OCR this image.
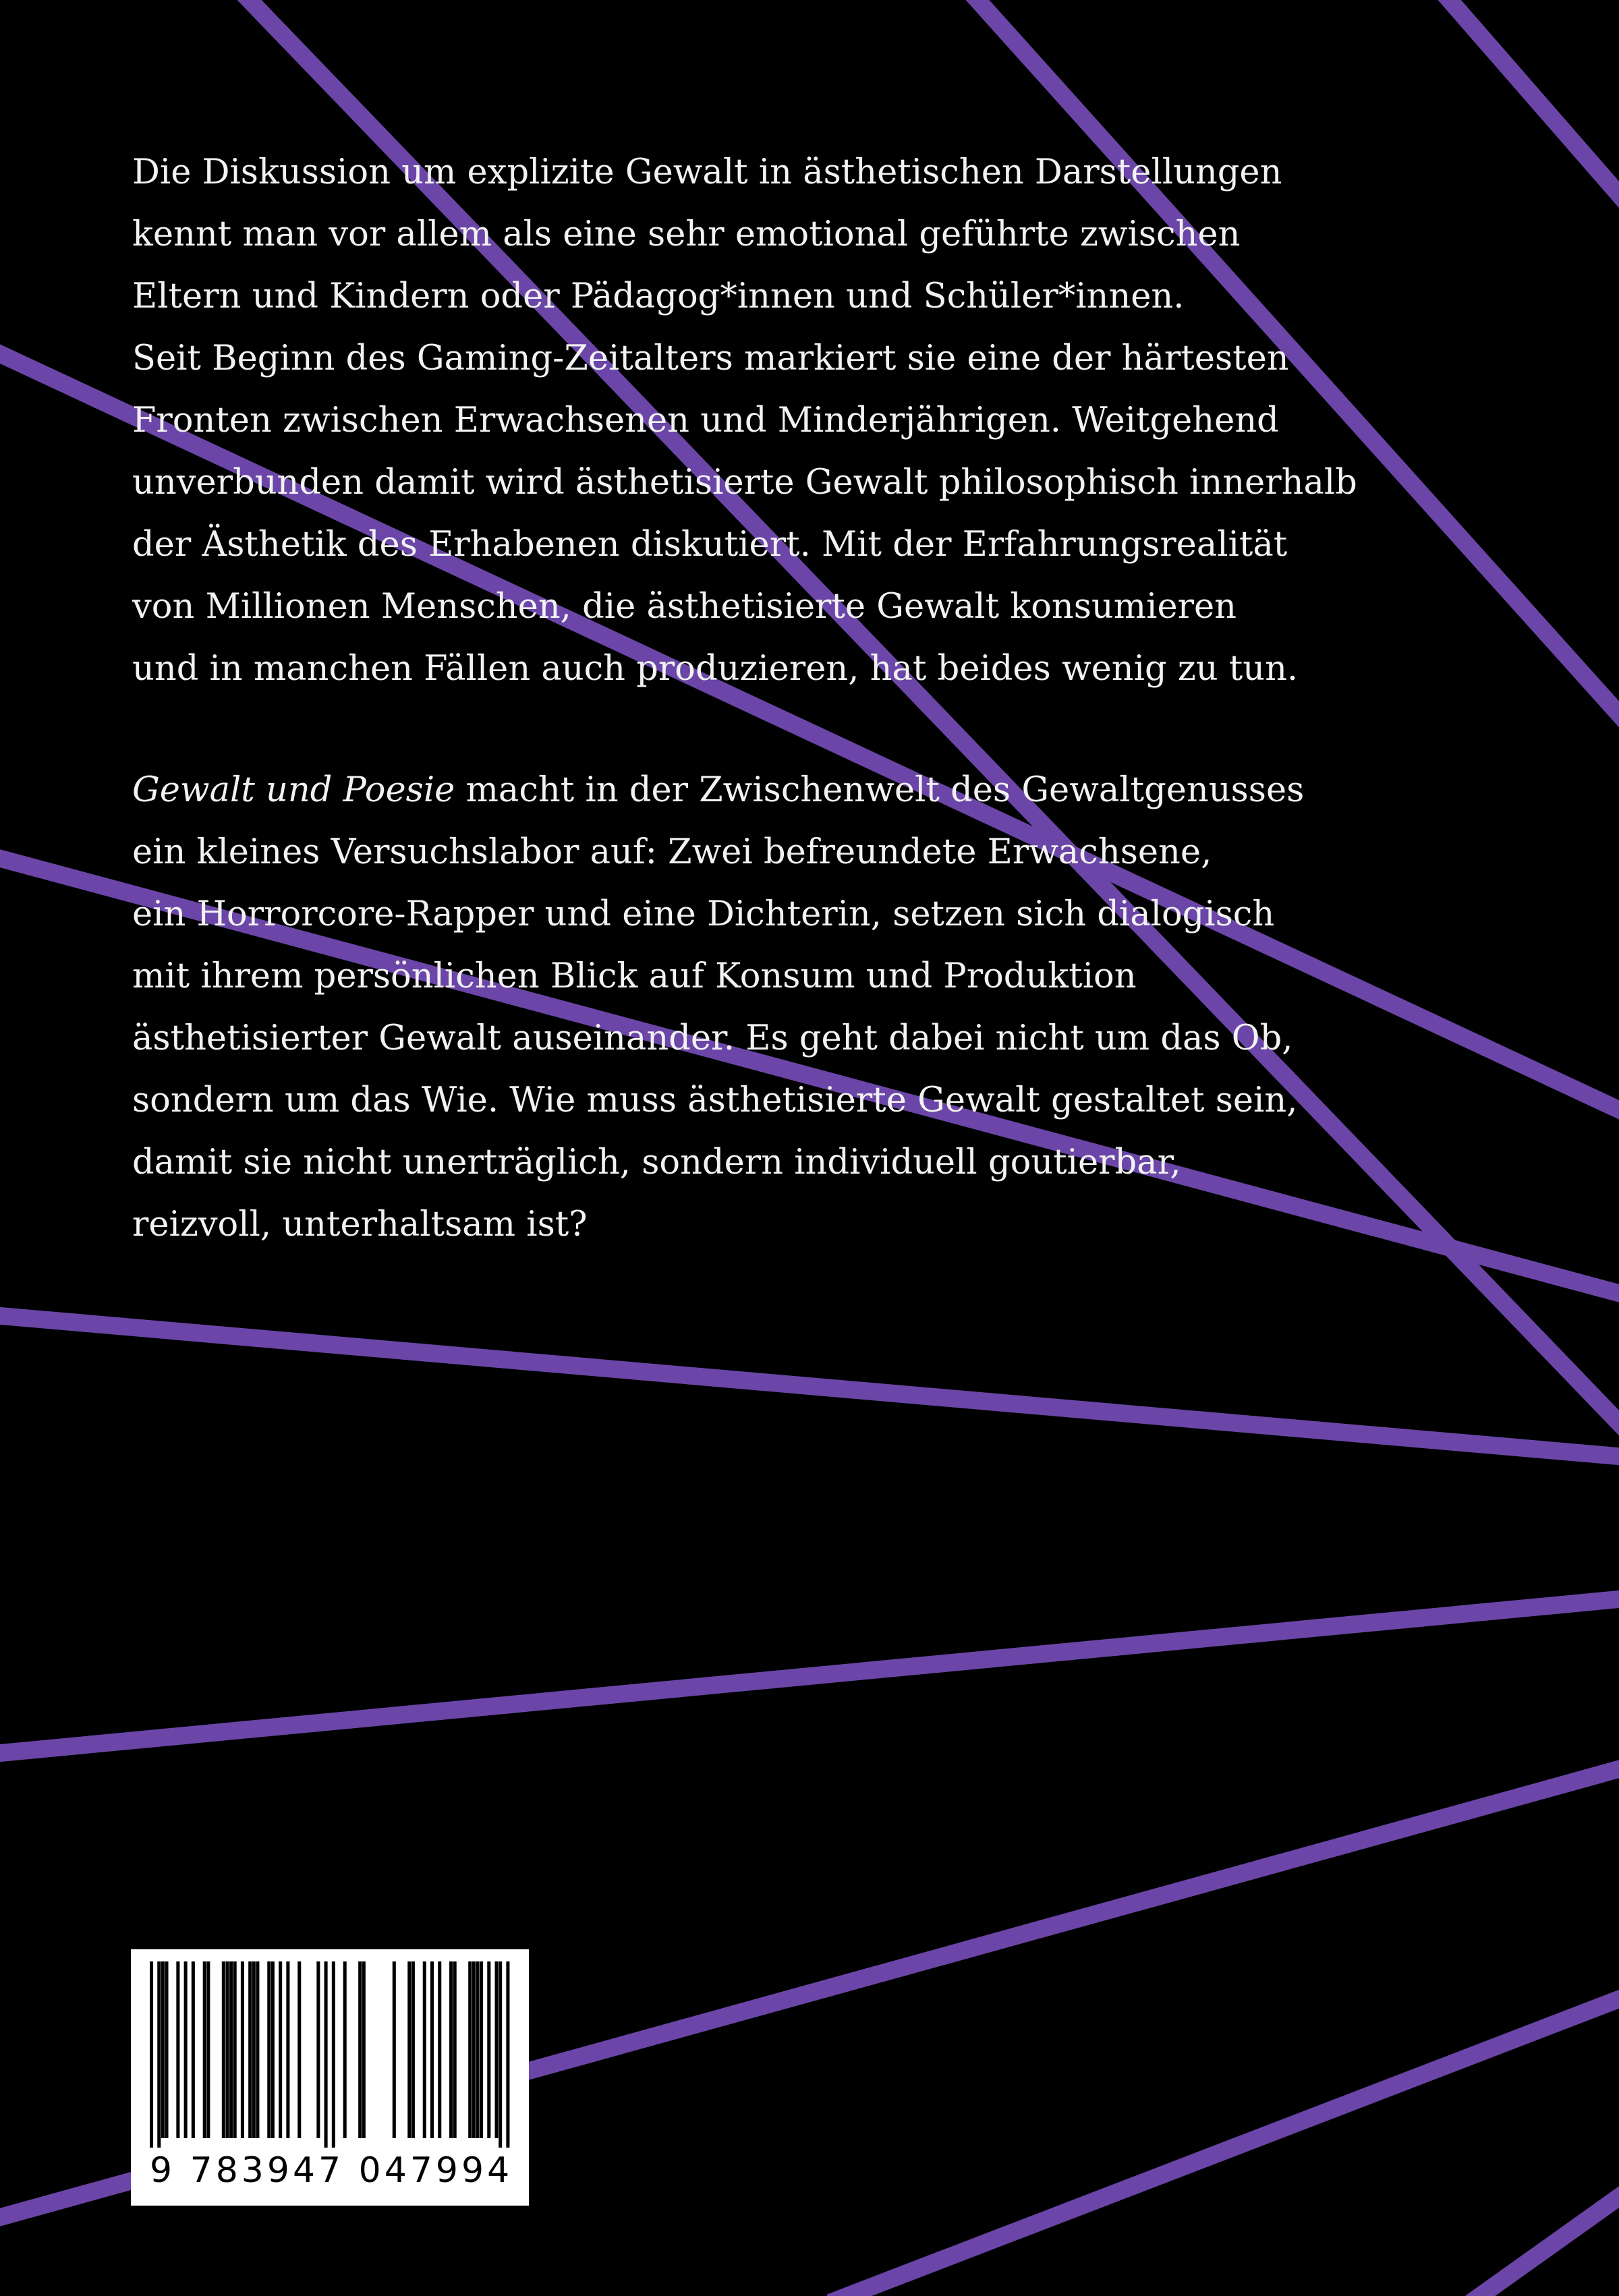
Die Diskussion um explizite Gewalt in ästhetischen Darstellungen
kennt man vor allem als eine sehr emotional geführte zwischen
Eltern und Kindern oder Pädagog*innen und Schüler*innen.
Seit Beginn des Gaming-Zeitalters markiert sie eine der härtesten
Fronten zwischen Erwachsenen und Minderjährigen. Weitgehend
unverbunden damit wird ästhetisierte Gewalt philosophisch innerhalb
der Ästhetik des Erhabenen diskutiert. Mit der Erfahrungsrealität
von Millionen Menschen, die ästhetisierte Gewalt konsumieren
und in manchen Fällen auch produzieren, hat beides wenig zu tun.

Gewalt und Poesie macht in der Zwischenwelt des Gewaltgenusses
ein kleines Versuchslabor auf: Zwei befreundete Erwachsene,
ein Horrorcore-Rapper und eine Dichterin, setzen sich dialogisch
mit ihrem persönlichen Blick auf Konsum und Produktion
ästhetisierter Gewalt auseinander. Es geht dabei nicht um das Ob,
sondern um das Wie. Wie muss ästhetisierte Gewalt gestaltet sein,
damit sie nicht unerträglich, sondern individuell goutierbar,
reizvoll, unterhaltsam ist?

9 783947 047994
